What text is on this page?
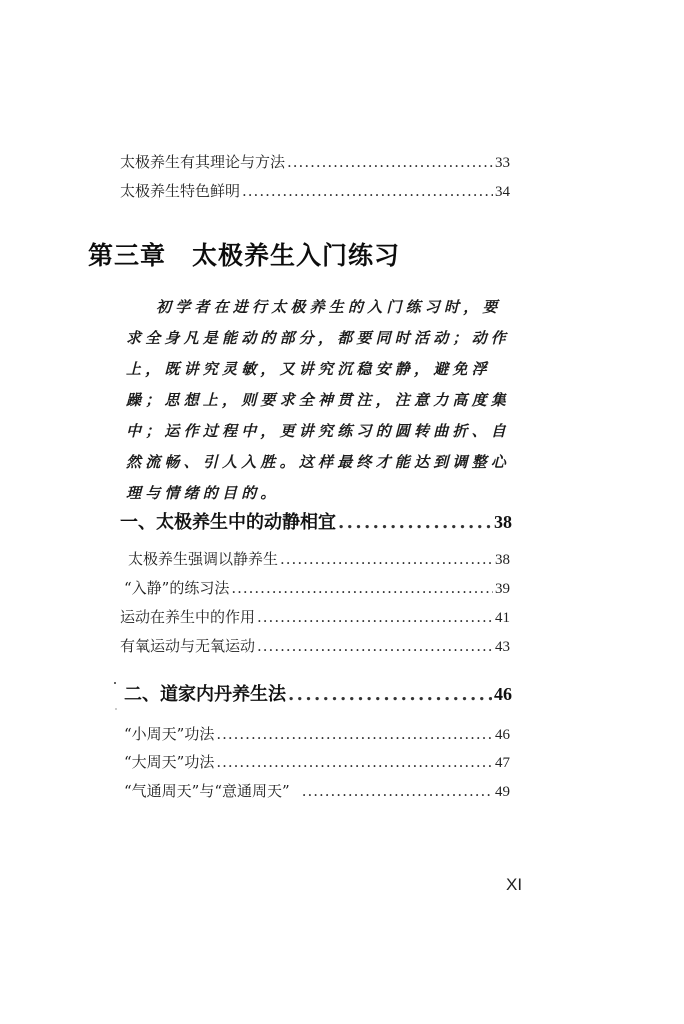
太极养生有其理论与方法 .....	33
太极养生特色鲜明 .....	34
第三章 太极养生入门练习

初学者在进行太极养生的入门练习时，要求全身凡是能动的部分，都要同时活动；动作上，既讲究灵敏，又讲究沉稳安静，避免浮躁；思想上，则要求全神贯注，注意力高度集中；运作过程中，更讲究练习的圆转曲折、自然流畅、引人入胜。这样最终才能达到调整心理与情绪的目的。

一、太极养生中的动静相宜 .....	38
太极养生强调以静养生 .....	38
“入静”的练习法 .....	39
运动在养生中的作用 .....	41
有氧运动与无氧运动 .....	43
二、道家内丹养生法 .....	46
“小周天”功法 .....	46
“大周天”功法 .....	47
“气通周天”与“意通周天” .....	49
XI
